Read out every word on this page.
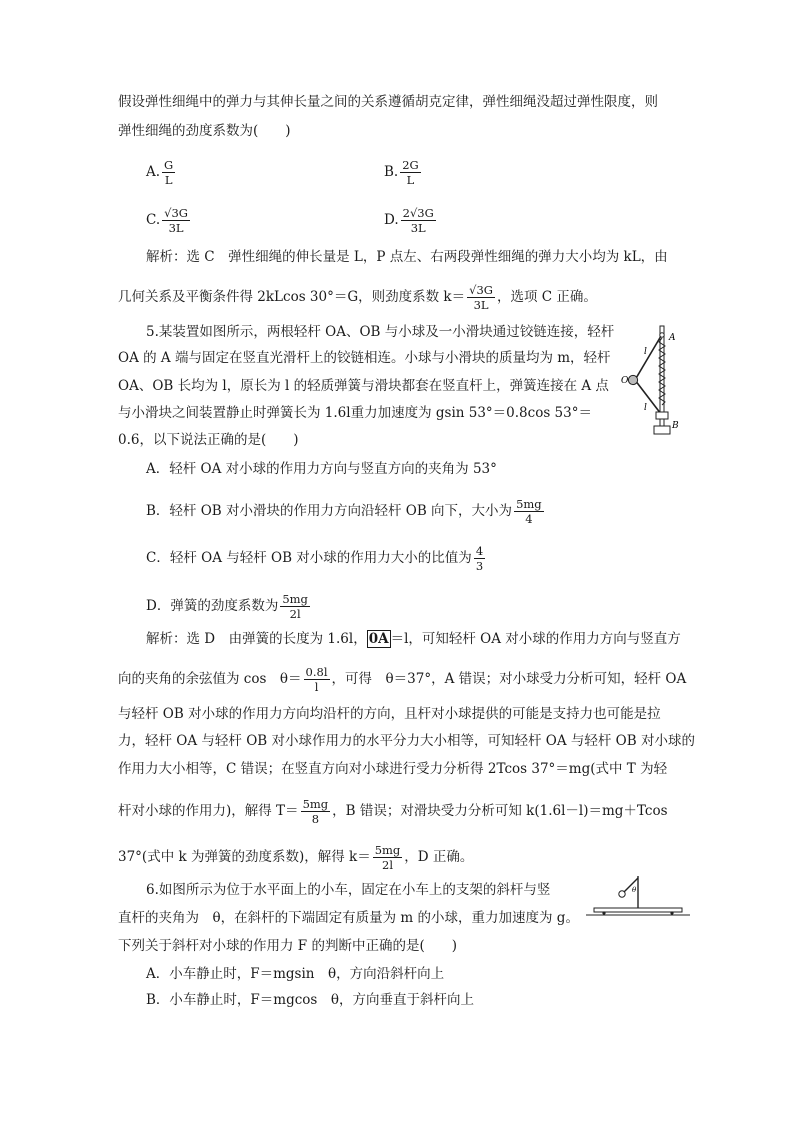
假设弹性细绳中的弹力与其伸长量之间的关系遵循胡克定律，弹性细绳没超过弹性限度，则
弹性细绳的劲度系数为(　　)
A. $\frac{G}{L}$	B. $\frac{2G}{L}$
C. $\frac{√3G}{3L}$	D. $\frac{2√3G}{3L}$
解析：选 C　弹性细绳的伸长量是 L，P 点左、右两段弹性细绳的弹力大小均为 kL，由
几何关系及平衡条件得 2kLcos 30°＝G，则劲度系数 $k= \frac{√3G}{3L}$ ，选项 C 正确。
5.某装置如图所示，两根轻杆 OA、OB 与小球及一小滑块通过铰链连接，轻杆
OA 的 A 端与固定在竖直光滑杆上的铰链相连。小球与小滑块的质量均为 m，轻杆
OA、OB 长均为 l，原长为 l 的轻质弹簧与滑块都套在竖直杆上，弹簧连接在 A 点
与小滑块之间装置静止时弹簧长为 1.6l重力加速度为 gsin 53°＝0.8cos 53°＝
0.6，以下说法正确的是(　　)
A
B
O
l
l
A．轻杆 OA 对小球的作用力方向与竖直方向的夹角为 53°
B．轻杆 OB 对小滑块的作用力方向沿轻杆 OB 向下，大小为 $\frac{5mg}{4}$
C．轻杆 OA 与轻杆 OB 对小球的作用力大小的比值为 $\frac{4}{3}$
D．弹簧的劲度系数为 $\frac{5mg}{2l}$
解析：选 D　由弹簧的长度为 1.6l， 0A ＝l，可知轻杆 OA 对小球的作用力方向与竖直方
向的夹角的余弦值为 cos　$\theta= \frac{0.8l}{l}$ ，可得　θ＝37°，A 错误；对小球受力分析可知，轻杆 OA
与轻杆 OB 对小球的作用力方向均沿杆的方向，且杆对小球提供的可能是支持力也可能是拉
力，轻杆 OA 与轻杆 OB 对小球作用力的水平分力大小相等，可知轻杆 OA 与轻杆 OB 对小球的
作用力大小相等，C 错误；在竖直方向对小球进行受力分析得 2Tcos 37°＝mg(式中 T 为轻
杆对小球的作用力)，解得 $T= \frac{5mg}{8}$ ，B 错误；对滑块受力分析可知 k(1.6l－l)＝mg＋Tcos
37°(式中 k 为弹簧的劲度系数)，解得 $k= \frac{5mg}{2l}$ ，D 正确。
6.如图所示为位于水平面上的小车，固定在小车上的支架的斜杆与竖
直杆的夹角为　θ，在斜杆的下端固定有质量为 m 的小球，重力加速度为 g。
下列关于斜杆对小球的作用力 F 的判断中正确的是(　　)
θ
A．小车静止时，F＝mgsin　θ，方向沿斜杆向上
B．小车静止时，F＝mgcos　θ，方向垂直于斜杆向上
